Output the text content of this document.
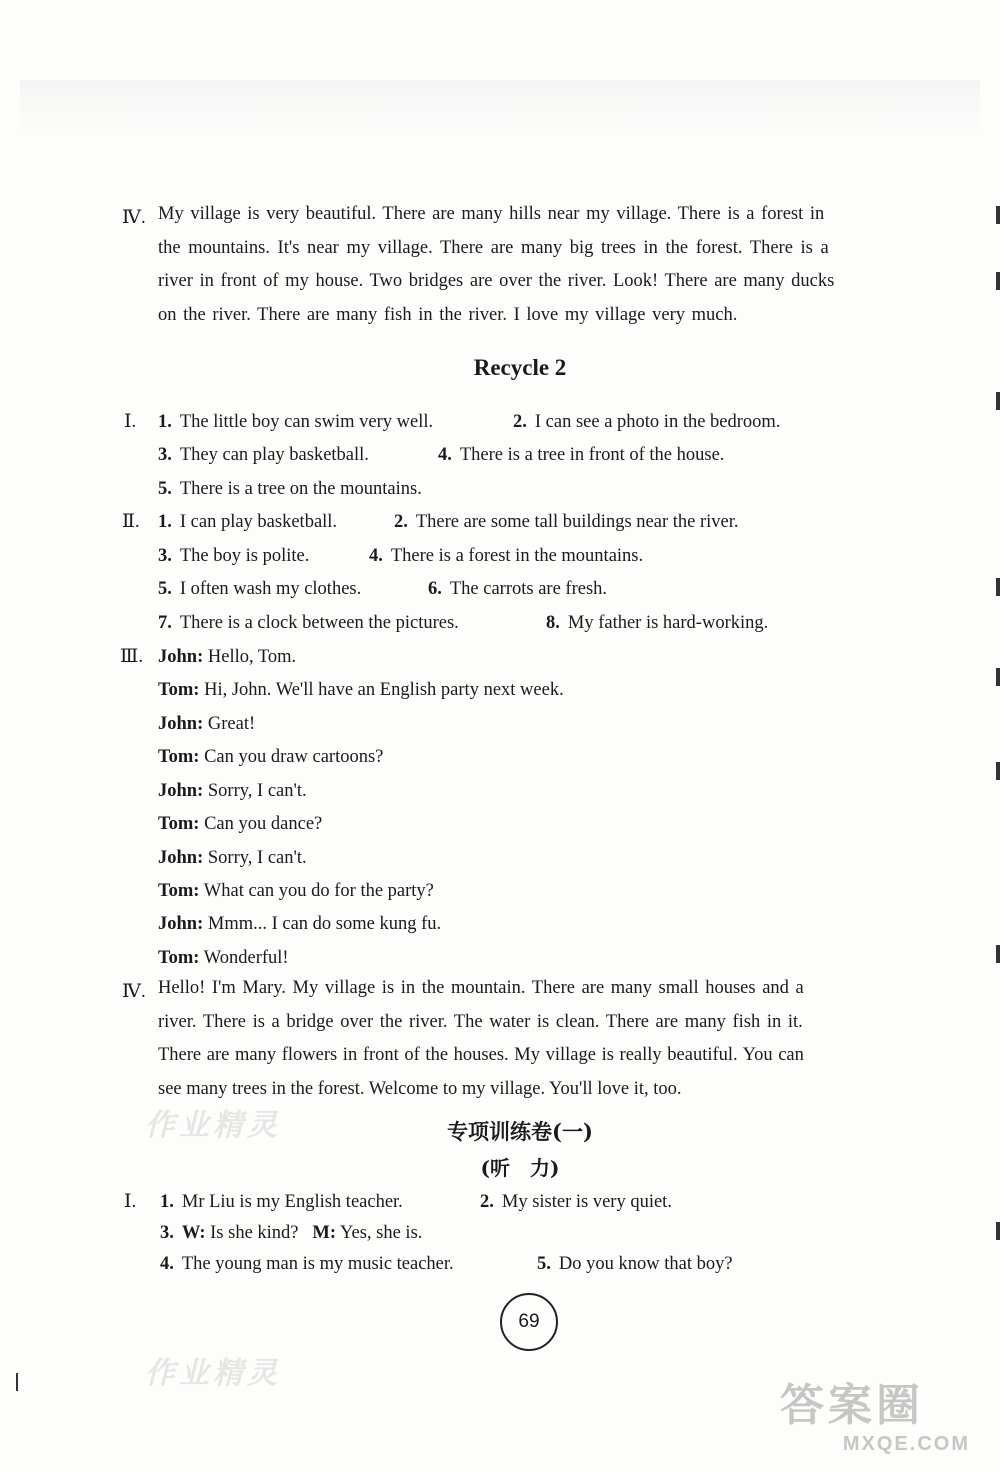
Ⅳ. My village is very beautiful. There are many hills near my village. There is a forest in
the mountains. It's near my village. There are many big trees in the forest. There is a
river in front of my house. Two bridges are over the river. Look! There are many ducks
on the river. There are many fish in the river. I love my village very much.
Recycle 2
Ⅰ. 1. The little boy can swim very well.	2. I can see a photo in the bedroom.
3. They can play basketball.	4. There is a tree in front of the house.
5. There is a tree on the mountains.
Ⅱ. 1. I can play basketball.	2. There are some tall buildings near the river.
3. The boy is polite.	4. There is a forest in the mountains.
5. I often wash my clothes.	6. The carrots are fresh.
7. There is a clock between the pictures.	8. My father is hard-working.
Ⅲ. John: Hello, Tom.
Tom: Hi, John. We'll have an English party next week.
John: Great!
Tom: Can you draw cartoons?
John: Sorry, I can't.
Tom: Can you dance?
John: Sorry, I can't.
Tom: What can you do for the party?
John: Mmm... I can do some kung fu.
Tom: Wonderful!
Ⅳ. Hello! I'm Mary. My village is in the mountain. There are many small houses and a
river. There is a bridge over the river. The water is clean. There are many fish in it.
There are many flowers in front of the houses. My village is really beautiful. You can
see many trees in the forest. Welcome to my village. You'll love it, too.
专项训练卷(一)
(听　力)
Ⅰ. 1. Mr Liu is my English teacher.	2. My sister is very quiet.
3. W: Is she kind? M: Yes, she is.
4. The young man is my music teacher.	5. Do you know that boy?
69
作业精灵
作业精灵
答案圈
MXQE.COM
